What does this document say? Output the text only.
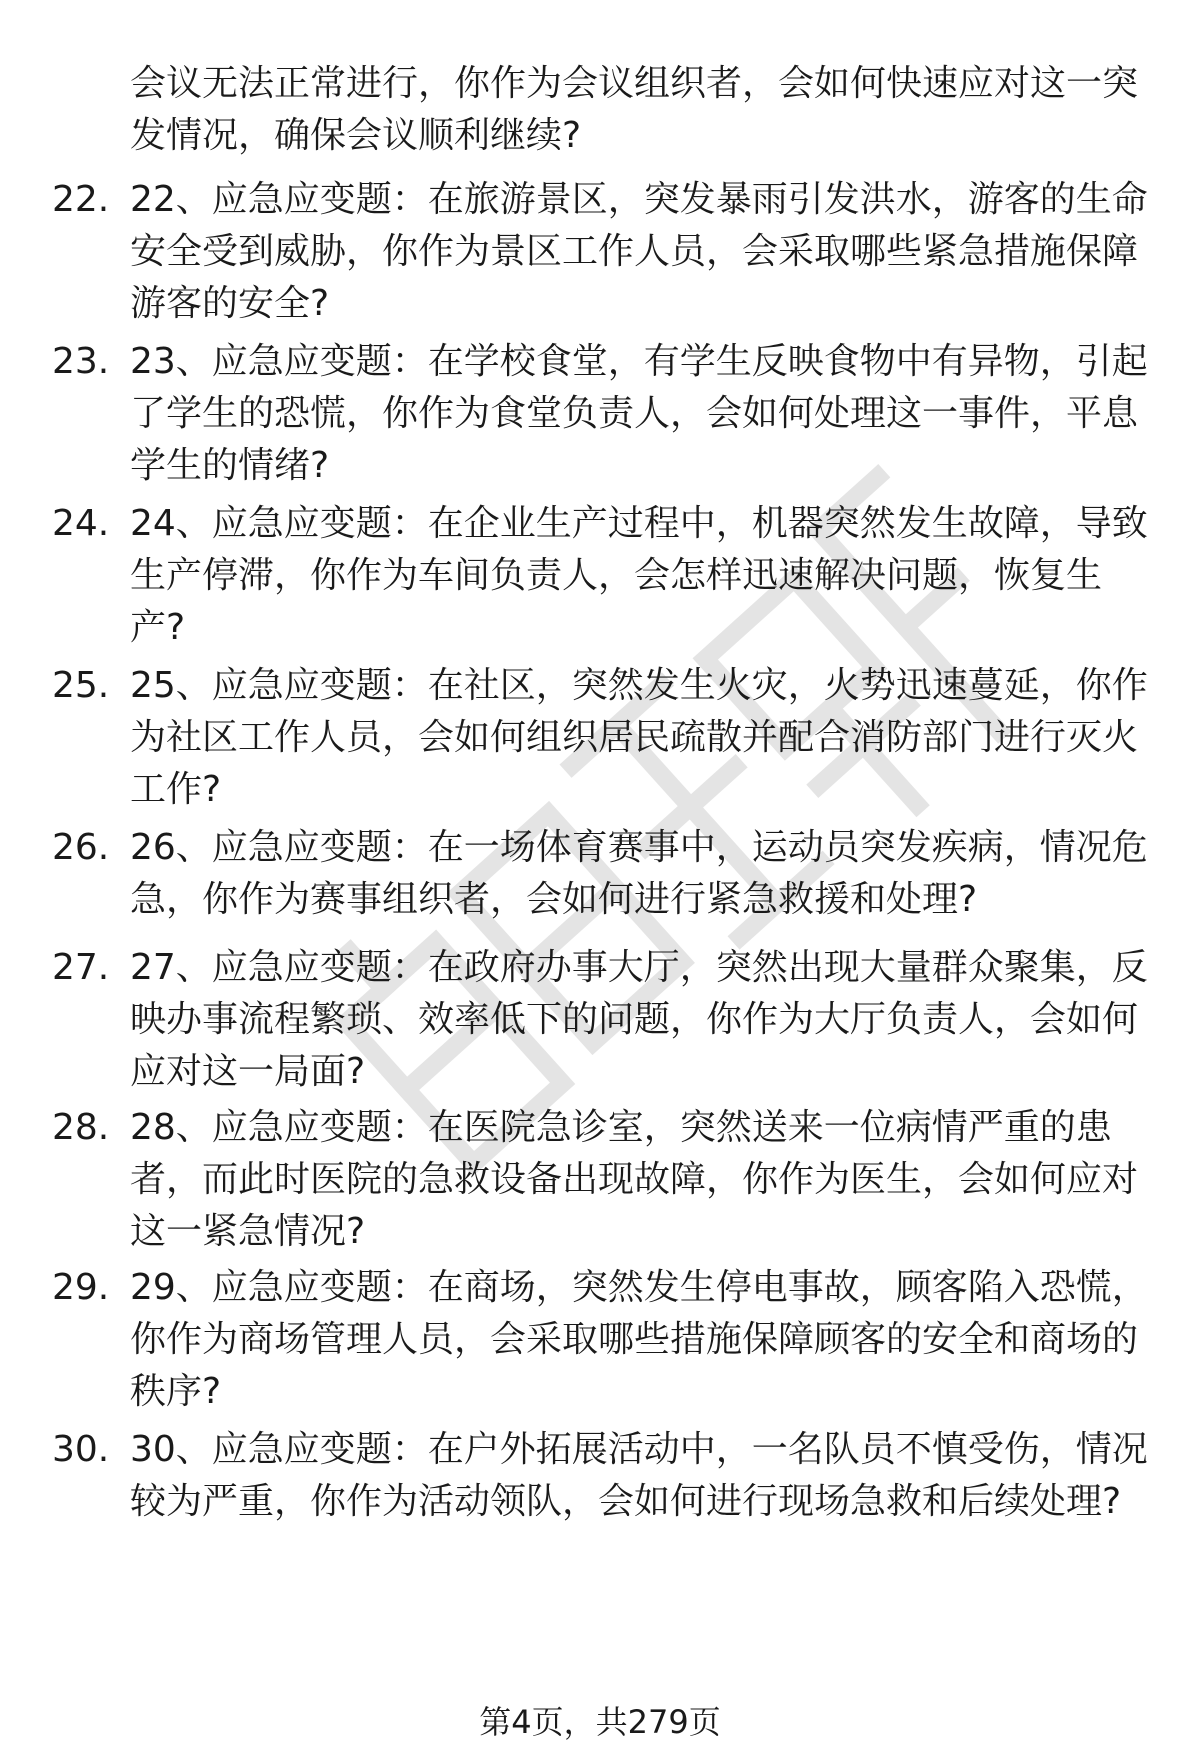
会议无法正常进行，你作为会议组织者，会如何快速应对这一突
发情况，确保会议顺利继续?
22. 22、应急应变题：在旅游景区，突发暴雨引发洪水，游客的生命
安全受到威胁，你作为景区工作人员，会采取哪些紧急措施保障
游客的安全?
23. 23、应急应变题：在学校食堂，有学生反映食物中有异物，引起
了学生的恐慌，你作为食堂负责人，会如何处理这一事件，平息
学生的情绪?
24. 24、应急应变题：在企业生产过程中，机器突然发生故障，导致
生产停滞，你作为车间负责人，会怎样迅速解决问题，恢复生
产?
25. 25、应急应变题：在社区，突然发生火灾，火势迅速蔓延，你作
为社区工作人员，会如何组织居民疏散并配合消防部门进行灭火
工作?
26. 26、应急应变题：在一场体育赛事中，运动员突发疾病，情况危
急，你作为赛事组织者，会如何进行紧急救援和处理?
27. 27、应急应变题：在政府办事大厅，突然出现大量群众聚集，反
映办事流程繁琐、效率低下的问题，你作为大厅负责人，会如何
应对这一局面?
28. 28、应急应变题：在医院急诊室，突然送来一位病情严重的患
者，而此时医院的急救设备出现故障，你作为医生，会如何应对
这一紧急情况?
29. 29、应急应变题：在商场，突然发生停电事故，顾客陷入恐慌，
你作为商场管理人员，会采取哪些措施保障顾客的安全和商场的
秩序?
30. 30、应急应变题：在户外拓展活动中，一名队员不慎受伤，情况
较为严重，你作为活动领队，会如何进行现场急救和后续处理?
第4页，共279页
